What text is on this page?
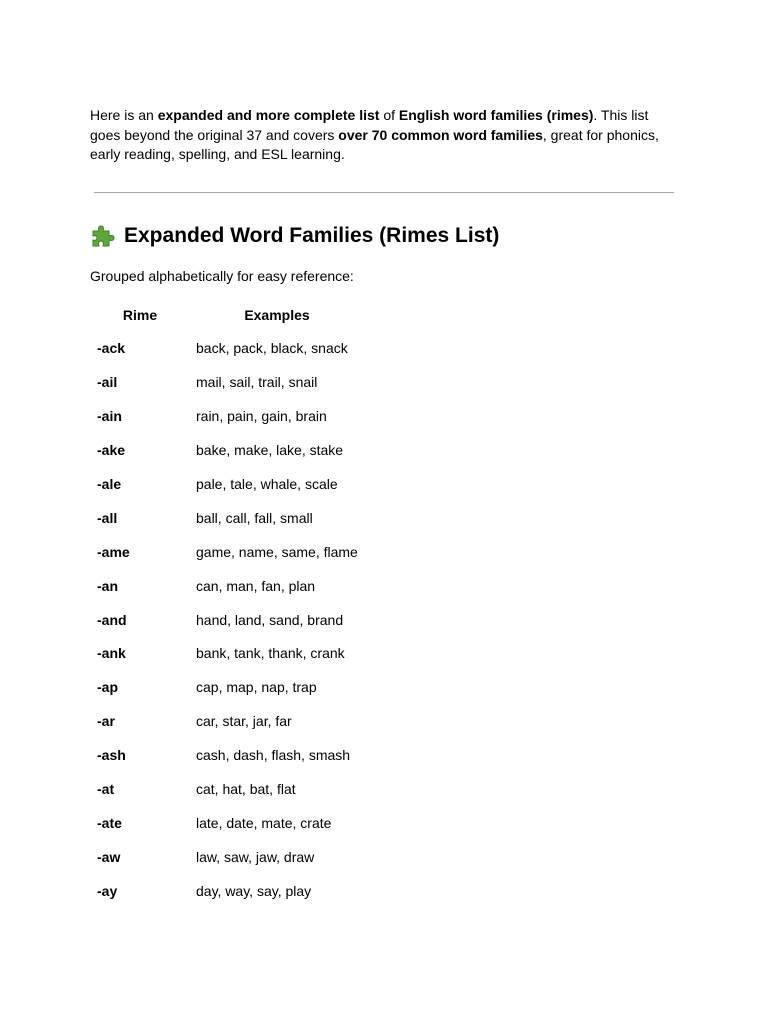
Here is an expanded and more complete list of English word families (rimes). This list goes beyond the original 37 and covers over 70 common word families, great for phonics, early reading, spelling, and ESL learning.

Expanded Word Families (Rimes List)
Grouped alphabetically for easy reference:
Rime	Examples
-ack	back, pack, black, snack
-ail	mail, sail, trail, snail
-ain	rain, pain, gain, brain
-ake	bake, make, lake, stake
-ale	pale, tale, whale, scale
-all	ball, call, fall, small
-ame	game, name, same, flame
-an	can, man, fan, plan
-and	hand, land, sand, brand
-ank	bank, tank, thank, crank
-ap	cap, map, nap, trap
-ar	car, star, jar, far
-ash	cash, dash, flash, smash
-at	cat, hat, bat, flat
-ate	late, date, mate, crate
-aw	law, saw, jaw, draw
-ay	day, way, say, play
